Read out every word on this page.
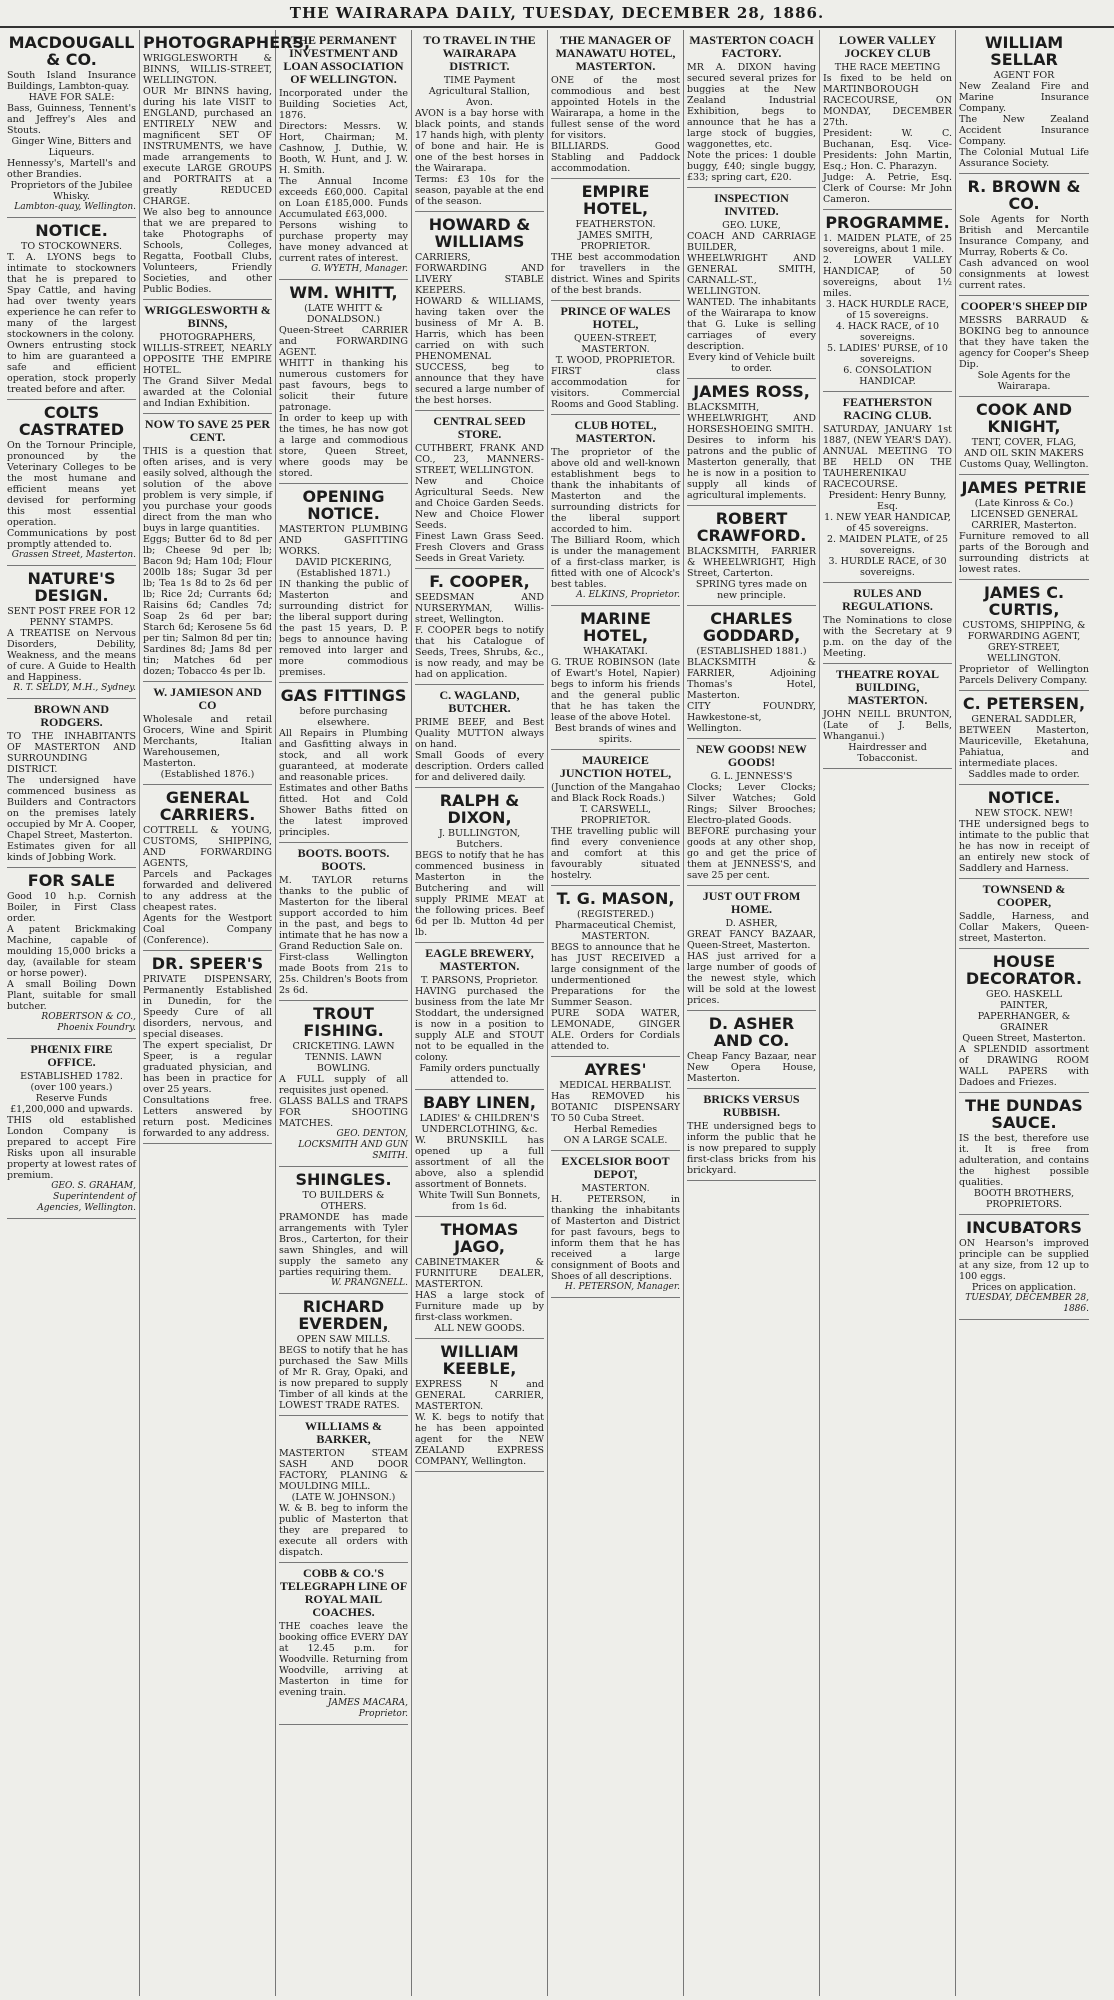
THE WAIRARAPA DAILY, TUESDAY, DECEMBER 28, 1886.
MACDOUGALL & CO.
South Island Insurance Buildings, Lambton-quay.
HAVE FOR SALE:
Bass, Guinness, Tennent's and Jeffrey's Ales and Stouts.
Ginger Wine, Bitters and Liqueurs.
Hennessy's, Martell's and other Brandies.
Proprietors of the Jubilee Whisky.
Lambton-quay, Wellington.
NOTICE.
TO STOCKOWNERS.
T. A. LYONS begs to intimate to stockowners that he is prepared to Spay Cattle, and having had over twenty years experience he can refer to many of the largest stockowners in the colony.
Owners entrusting stock to him are guaranteed a safe and efficient operation, stock properly treated before and after.
COLTS CASTRATED
On the Tornour Principle, pronounced by the Veterinary Colleges to be the most humane and efficient means yet devised for performing this most essential operation.
Communications by post promptly attended to.
Grassen Street, Masterton.
NATURE'S DESIGN.
SENT POST FREE FOR 12 PENNY STAMPS.
A TREATISE on Nervous Disorders, Debility, Weakness, and the means of cure. A Guide to Health and Happiness.
R. T. SELDY, M.H., Sydney.
BROWN AND RODGERS.
TO THE INHABITANTS OF MASTERTON AND SURROUNDING DISTRICT.
The undersigned have commenced business as Builders and Contractors on the premises lately occupied by Mr A. Cooper, Chapel Street, Masterton.
Estimates given for all kinds of Jobbing Work.
FOR SALE
Good 10 h.p. Cornish Boiler, in First Class order.
A patent Brickmaking Machine, capable of moulding 15,000 bricks a day, (available for steam or horse power).
A small Boiling Down Plant, suitable for small butcher.
ROBERTSON & CO., Phoenix Foundry.
PHŒNIX FIRE OFFICE.
ESTABLISHED 1782. (over 100 years.)
Reserve Funds £1,200,000 and upwards.
THIS old established London Company is prepared to accept Fire Risks upon all insurable property at lowest rates of premium.
GEO. S. GRAHAM, Superintendent of Agencies, Wellington.
PHOTOGRAPHERS,
WRIGGLESWORTH & BINNS, WILLIS-STREET, WELLINGTON.
OUR Mr BINNS having, during his late VISIT to ENGLAND, purchased an ENTIRELY NEW and magnificent SET OF INSTRUMENTS, we have made arrangements to execute LARGE GROUPS and PORTRAITS at a greatly REDUCED CHARGE.
We also beg to announce that we are prepared to take Photographs of Schools, Colleges, Regatta, Football Clubs, Volunteers, Friendly Societies, and other Public Bodies.
WRIGGLESWORTH & BINNS,
PHOTOGRAPHERS,
WILLIS-STREET, NEARLY OPPOSITE THE EMPIRE HOTEL.
The Grand Silver Medal awarded at the Colonial and Indian Exhibition.
NOW TO SAVE 25 PER CENT.
THIS is a question that often arises, and is very easily solved, although the solution of the above problem is very simple, if you purchase your goods direct from the man who buys in large quantities.
Eggs; Butter 6d to 8d per lb; Cheese 9d per lb; Bacon 9d; Ham 10d; Flour 200lb 18s; Sugar 3d per lb; Tea 1s 8d to 2s 6d per lb; Rice 2d; Currants 6d; Raisins 6d; Candles 7d; Soap 2s 6d per bar; Starch 6d; Kerosene 5s 6d per tin; Salmon 8d per tin; Sardines 8d; Jams 8d per tin; Matches 6d per dozen; Tobacco 4s per lb.
W. JAMIESON AND CO
Wholesale and retail Grocers, Wine and Spirit Merchants, Italian Warehousemen, Masterton.
(Established 1876.)
GENERAL CARRIERS.
COTTRELL & YOUNG, CUSTOMS, SHIPPING, AND FORWARDING AGENTS,
Parcels and Packages forwarded and delivered to any address at the cheapest rates.
Agents for the Westport Coal Company (Conference).
DR. SPEER'S
PRIVATE DISPENSARY, Permanently Established in Dunedin, for the Speedy Cure of all disorders, nervous, and special diseases.
The expert specialist, Dr Speer, is a regular graduated physician, and has been in practice for over 25 years.
Consultations free. Letters answered by return post. Medicines forwarded to any address.
THE PERMANENT INVESTMENT AND LOAN ASSOCIATION OF WELLINGTON.
Incorporated under the Building Societies Act, 1876.
Directors: Messrs. W. Hort, Chairman; M. Cashnow, J. Duthie, W. Booth, W. Hunt, and J. W. H. Smith.
The Annual Income exceeds £60,000. Capital on Loan £185,000. Funds Accumulated £63,000.
Persons wishing to purchase property may have money advanced at current rates of interest.
G. WYETH, Manager.
WM. WHITT,
(LATE WHITT & DONALDSON.)
Queen-Street CARRIER and FORWARDING AGENT.
WHITT in thanking his numerous customers for past favours, begs to solicit their future patronage.
In order to keep up with the times, he has now got a large and commodious store, Queen Street, where goods may be stored.
OPENING NOTICE.
MASTERTON PLUMBING AND GASFITTING WORKS.
DAVID PICKERING, (Established 1871.)
IN thanking the public of Masterton and surrounding district for the liberal support during the past 15 years, D. P. begs to announce having removed into larger and more commodious premises.
GAS FITTINGS
before purchasing elsewhere.
All Repairs in Plumbing and Gasfitting always in stock, and all work guaranteed, at moderate and reasonable prices.
Estimates and other Baths fitted. Hot and Cold Shower Baths fitted on the latest improved principles.
BOOTS. BOOTS. BOOTS.
M. TAYLOR returns thanks to the public of Masterton for the liberal support accorded to him in the past, and begs to intimate that he has now a Grand Reduction Sale on.
First-class Wellington made Boots from 21s to 25s. Children's Boots from 2s 6d.
TROUT FISHING.
CRICKETING. LAWN TENNIS. LAWN BOWLING.
A FULL supply of all requisites just opened.
GLASS BALLS and TRAPS FOR SHOOTING MATCHES.
GEO. DENTON, LOCKSMITH AND GUN SMITH.
SHINGLES.
TO BUILDERS & OTHERS.
PRAMONDE has made arrangements with Tyler Bros., Carterton, for their sawn Shingles, and will supply the sameto any parties requiring them.
W. PRANGNELL.
RICHARD EVERDEN,
OPEN SAW MILLS.
BEGS to notify that he has purchased the Saw Mills of Mr R. Gray, Opaki, and is now prepared to supply Timber of all kinds at the LOWEST TRADE RATES.
WILLIAMS & BARKER,
MASTERTON STEAM SASH AND DOOR FACTORY, PLANING & MOULDING MILL.
(LATE W. JOHNSON.)
W. & B. beg to inform the public of Masterton that they are prepared to execute all orders with dispatch.
COBB & CO.'S TELEGRAPH LINE OF ROYAL MAIL COACHES.
THE coaches leave the booking office EVERY DAY at 12.45 p.m. for Woodville. Returning from Woodville, arriving at Masterton in time for evening train.
JAMES MACARA, Proprietor.
TO TRAVEL IN THE WAIRARAPA DISTRICT.
TIME Payment Agricultural Stallion,
Avon.
AVON is a bay horse with black points, and stands 17 hands high, with plenty of bone and hair. He is one of the best horses in the Wairarapa.
Terms: £3 10s for the season, payable at the end of the season.
HOWARD & WILLIAMS
CARRIERS, FORWARDING AND LIVERY STABLE KEEPERS.
HOWARD & WILLIAMS, having taken over the business of Mr A. B. Harris, which has been carried on with such PHENOMENAL SUCCESS, beg to announce that they have secured a large number of the best horses.
CENTRAL SEED STORE.
CUTHBERT, FRANK AND CO., 23, MANNERS-STREET, WELLINGTON.
New and Choice Agricultural Seeds. New and Choice Garden Seeds. New and Choice Flower Seeds.
Finest Lawn Grass Seed. Fresh Clovers and Grass Seeds in Great Variety.
F. COOPER,
SEEDSMAN AND NURSERYMAN, Willis-street, Wellington.
F. COOPER begs to notify that his Catalogue of Seeds, Trees, Shrubs, &c., is now ready, and may be had on application.
C. WAGLAND, BUTCHER.
PRIME BEEF, and Best Quality MUTTON always on hand.
Small Goods of every description. Orders called for and delivered daily.
RALPH & DIXON,
J. BULLINGTON, Butchers.
BEGS to notify that he has commenced business in Masterton in the Butchering and will supply PRIME MEAT at the following prices. Beef 6d per lb. Mutton 4d per lb.
EAGLE BREWERY, MASTERTON.
T. PARSONS, Proprietor.
HAVING purchased the business from the late Mr Stoddart, the undersigned is now in a position to supply ALE and STOUT not to be equalled in the colony.
Family orders punctually attended to.
BABY LINEN,
LADIES' & CHILDREN'S UNDERCLOTHING, &c.
W. BRUNSKILL has opened up a full assortment of all the above, also a splendid assortment of Bonnets.
White Twill Sun Bonnets, from 1s 6d.
THOMAS JAGO,
CABINETMAKER & FURNITURE DEALER, MASTERTON.
HAS a large stock of Furniture made up by first-class workmen.
ALL NEW GOODS.
WILLIAM KEEBLE,
EXPRESS N and GENERAL CARRIER, MASTERTON.
W. K. begs to notify that he has been appointed agent for the NEW ZEALAND EXPRESS COMPANY, Wellington.
THE MANAGER OF MANAWATU HOTEL, MASTERTON.
ONE of the most commodious and best appointed Hotels in the Wairarapa, a home in the fullest sense of the word for visitors.
BILLIARDS. Good Stabling and Paddock accommodation.
EMPIRE HOTEL,
FEATHERSTON.
JAMES SMITH, PROPRIETOR.
THE best accommodation for travellers in the district. Wines and Spirits of the best brands.
PRINCE OF WALES HOTEL,
QUEEN-STREET, MASTERTON.
T. WOOD, PROPRIETOR.
FIRST class accommodation for visitors. Commercial Rooms and Good Stabling.
CLUB HOTEL, MASTERTON.
The proprietor of the above old and well-known establishment begs to thank the inhabitants of Masterton and the surrounding districts for the liberal support accorded to him.
The Billiard Room, which is under the management of a first-class marker, is fitted with one of Alcock's best tables.
A. ELKINS, Proprietor.
MARINE HOTEL,
WHAKATAKI.
G. TRUE ROBINSON (late of Ewart's Hotel, Napier) begs to inform his friends and the general public that he has taken the lease of the above Hotel.
Best brands of wines and spirits.
MAUREICE JUNCTION HOTEL,
(Junction of the Mangahao and Black Rock Roads.)
T. CARSWELL, PROPRIETOR.
THE travelling public will find every convenience and comfort at this favourably situated hostelry.
T. G. MASON,
(REGISTERED.)
Pharmaceutical Chemist, MASTERTON.
BEGS to announce that he has JUST RECEIVED a large consignment of the undermentioned Preparations for the Summer Season.
PURE SODA WATER, LEMONADE, GINGER ALE. Orders for Cordials attended to.
AYRES'
MEDICAL HERBALIST.
Has REMOVED his BOTANIC DISPENSARY TO 50 Cuba Street.
Herbal Remedies
ON A LARGE SCALE.
EXCELSIOR BOOT DEPOT,
MASTERTON.
H. PETERSON, in thanking the inhabitants of Masterton and District for past favours, begs to inform them that he has received a large consignment of Boots and Shoes of all descriptions.
H. PETERSON, Manager.
MASTERTON COACH FACTORY.
MR A. DIXON having secured several prizes for buggies at the New Zealand Industrial Exhibition, begs to announce that he has a large stock of buggies, waggonettes, etc.
Note the prices: 1 double buggy, £40; single buggy, £33; spring cart, £20.
INSPECTION INVITED.
GEO. LUKE,
COACH AND CARRIAGE BUILDER, WHEELWRIGHT AND GENERAL SMITH, CARNALL-ST., WELLINGTON.
WANTED. The inhabitants of the Wairarapa to know that G. Luke is selling carriages of every description.
Every kind of Vehicle built to order.
JAMES ROSS,
BLACKSMITH, WHEELWRIGHT, AND HORSESHOEING SMITH.
Desires to inform his patrons and the public of Masterton generally, that he is now in a position to supply all kinds of agricultural implements.
ROBERT CRAWFORD.
BLACKSMITH, FARRIER & WHEELWRIGHT, High Street, Carterton.
SPRING tyres made on new principle.
CHARLES GODDARD,
(ESTABLISHED 1881.)
BLACKSMITH & FARRIER, Adjoining Thomas's Hotel, Masterton.
CITY FOUNDRY, Hawkestone-st, Wellington.
NEW GOODS! NEW GOODS!
G. L. JENNESS'S
Clocks; Lever Clocks; Silver Watches; Gold Rings; Silver Brooches; Electro-plated Goods.
BEFORE purchasing your goods at any other shop, go and get the price of them at JENNESS'S, and save 25 per cent.
JUST OUT FROM HOME.
D. ASHER,
GREAT FANCY BAZAAR, Queen-Street, Masterton.
HAS just arrived for a large number of goods of the newest style, which will be sold at the lowest prices.
D. ASHER AND CO.
Cheap Fancy Bazaar, near New Opera House, Masterton.
BRICKS VERSUS RUBBISH.
THE undersigned begs to inform the public that he is now prepared to supply first-class bricks from his brickyard.
LOWER VALLEY JOCKEY CLUB
THE RACE MEETING
Is fixed to be held on MARTINBOROUGH RACECOURSE, ON MONDAY, DECEMBER 27th.
President: W. C. Buchanan, Esq. Vice-Presidents: John Martin, Esq.; Hon. C. Pharazyn.
Judge: A. Petrie, Esq. Clerk of Course: Mr John Cameron.
PROGRAMME.
1. MAIDEN PLATE, of 25 sovereigns, about 1 mile.
2. LOWER VALLEY HANDICAP, of 50 sovereigns, about 1½ miles.
3. HACK HURDLE RACE, of 15 sovereigns.
4. HACK RACE, of 10 sovereigns.
5. LADIES' PURSE, of 10 sovereigns.
6. CONSOLATION HANDICAP.
FEATHERSTON RACING CLUB.
SATURDAY, JANUARY 1st 1887, (NEW YEAR'S DAY).
ANNUAL MEETING TO BE HELD ON THE TAUHERENIKAU RACECOURSE.
President: Henry Bunny, Esq.
1. NEW YEAR HANDICAP, of 45 sovereigns.
2. MAIDEN PLATE, of 25 sovereigns.
3. HURDLE RACE, of 30 sovereigns.
RULES AND REGULATIONS.
The Nominations to close with the Secretary at 9 p.m. on the day of the Meeting.
THEATRE ROYAL BUILDING, MASTERTON.
JOHN NEILL BRUNTON, (Late of J. Bells, Whanganui.)
Hairdresser and Tobacconist.
WILLIAM SELLAR
AGENT FOR
New Zealand Fire and Marine Insurance Company.
The New Zealand Accident Insurance Company.
The Colonial Mutual Life Assurance Society.
R. BROWN & CO.
Sole Agents for North British and Mercantile Insurance Company, and Murray, Roberts & Co.
Cash advanced on wool consignments at lowest current rates.
COOPER'S SHEEP DIP
MESSRS BARRAUD & BOKING beg to announce that they have taken the agency for Cooper's Sheep Dip.
Sole Agents for the Wairarapa.
COOK AND KNIGHT,
TENT, COVER, FLAG, AND OIL SKIN MAKERS
Customs Quay, Wellington.
JAMES PETRIE
(Late Kinross & Co.)
LICENSED GENERAL CARRIER, Masterton.
Furniture removed to all parts of the Borough and surrounding districts at lowest rates.
JAMES C. CURTIS,
CUSTOMS, SHIPPING, & FORWARDING AGENT,
GREY-STREET, WELLINGTON.
Proprietor of Wellington Parcels Delivery Company.
C. PETERSEN,
GENERAL SADDLER,
BETWEEN Masterton, Mauriceville, Eketahuna, Pahiatua, and intermediate places.
Saddles made to order.
NOTICE.
NEW STOCK. NEW!
THE undersigned begs to intimate to the public that he has now in receipt of an entirely new stock of Saddlery and Harness.
TOWNSEND & COOPER,
Saddle, Harness, and Collar Makers, Queen-street, Masterton.
HOUSE DECORATOR.
GEO. HASKELL
PAINTER, PAPERHANGER, & GRAINER
Queen Street, Masterton.
A SPLENDID assortment of DRAWING ROOM WALL PAPERS with Dadoes and Friezes.
THE DUNDAS SAUCE.
IS the best, therefore use it. It is free from adulteration, and contains the highest possible qualities.
BOOTH BROTHERS, PROPRIETORS.
INCUBATORS
ON Hearson's improved principle can be supplied at any size, from 12 up to 100 eggs.
Prices on application.
TUESDAY, DECEMBER 28, 1886.
